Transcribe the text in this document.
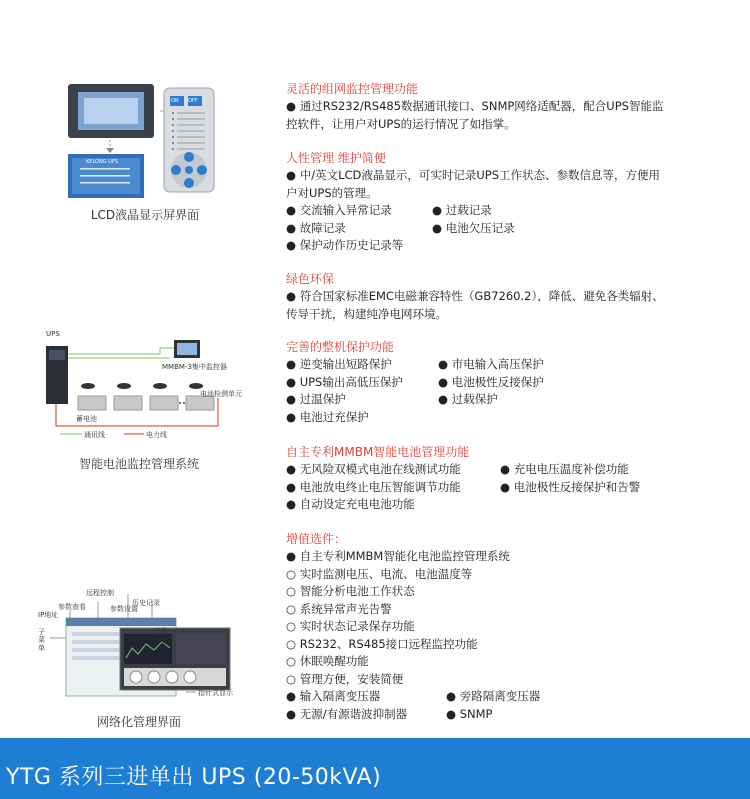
ON OFF
KELONG UPS
LCD液晶显示屏界面
UPS
MMBM-3集中监控器
电池检测单元
蓄电池
通讯线	电力线
智能电池监控管理系统
远程控制
历史记录
参数查看	参数设置
IP地址
工作
参数
子
菜
单
指针式显示
网络化管理界面
灵活的组网监控管理功能
● 通过RS232/RS485数据通讯接口、SNMP网络适配器，配合UPS智能监
控软件，让用户对UPS的运行情况了如指掌。
人性管理 维护简便
● 中/英文LCD液晶显示，可实时记录UPS工作状态、参数信息等，方便用
户对UPS的管理。
● 交流输入异常记录	● 过载记录
● 故障记录	● 电池欠压记录
● 保护动作历史记录等
绿色环保
● 符合国家标准EMC电磁兼容特性（GB7260.2），降低、避免各类辐射、
传导干扰，构建纯净电网环境。
完善的整机保护功能
● 逆变输出短路保护	● 市电输入高压保护
● UPS输出高低压保护	● 电池极性反接保护
● 过温保护	● 过载保护
● 电池过充保护
自主专利MMBM智能电池管理功能
● 无风险双模式电池在线测试功能	● 充电电压温度补偿功能
● 电池放电终止电压智能调节功能	● 电池极性反接保护和告警
● 自动设定充电电池功能
增值选件：
● 自主专利MMBM智能化电池监控管理系统
○ 实时监测电压、电流、电池温度等
○ 智能分析电池工作状态
○ 系统异常声光告警
○ 实时状态记录保存功能
○ RS232、RS485接口远程监控功能
○ 休眠唤醒功能
○ 管理方便，安装简便
● 输入隔离变压器	● 旁路隔离变压器
● 无源/有源谐波抑制器	● SNMP
YTG 系列三进单出 UPS (20-50kVA)
